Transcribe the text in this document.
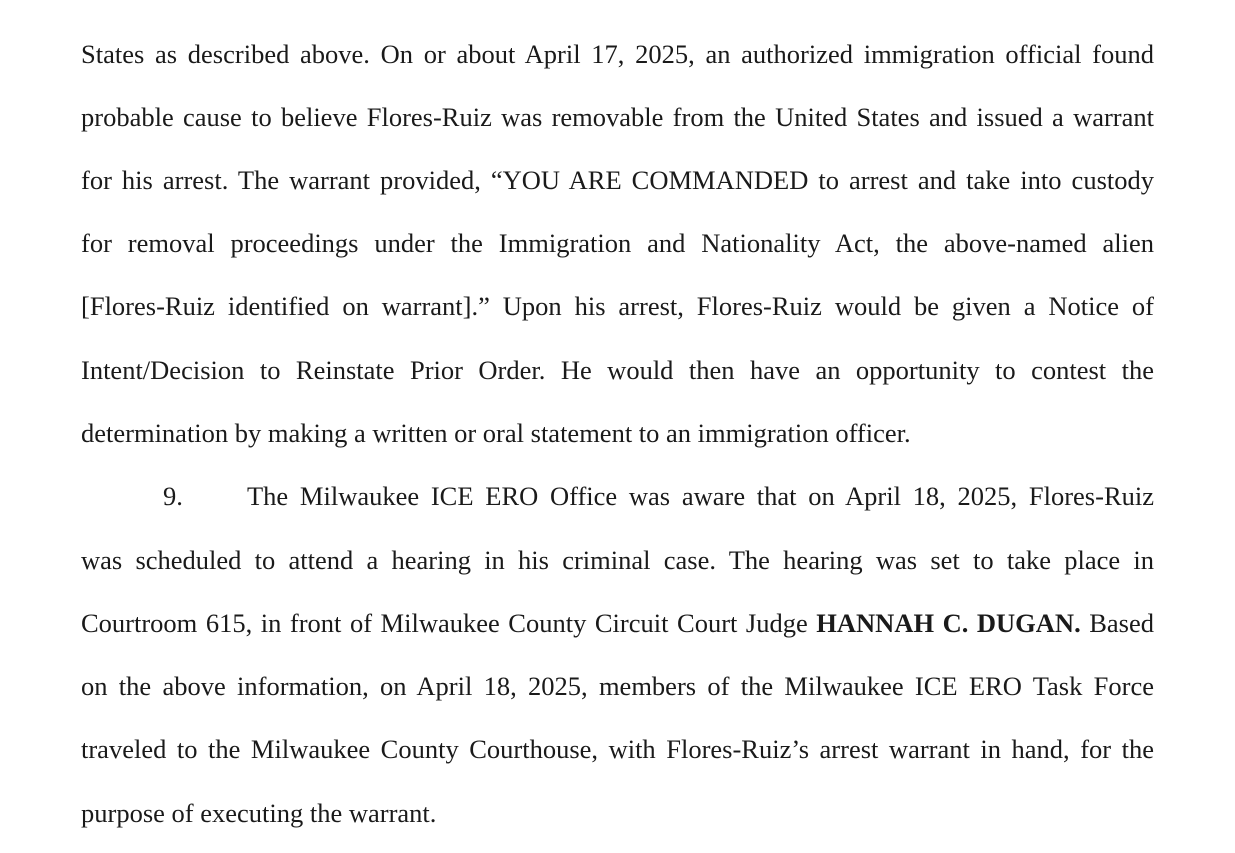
States as described above. On or about April 17, 2025, an authorized immigration official found
probable cause to believe Flores-Ruiz was removable from the United States and issued a warrant
for his arrest. The warrant provided, “YOU ARE COMMANDED to arrest and take into custody
for removal proceedings under the Immigration and Nationality Act, the above-named alien
[Flores-Ruiz identified on warrant].” Upon his arrest, Flores-Ruiz would be given a Notice of
Intent/Decision to Reinstate Prior Order. He would then have an opportunity to contest the
determination by making a written or oral statement to an immigration officer.
9. The Milwaukee ICE ERO Office was aware that on April 18, 2025, Flores-Ruiz
was scheduled to attend a hearing in his criminal case. The hearing was set to take place in
Courtroom 615, in front of Milwaukee County Circuit Court Judge HANNAH C. DUGAN. Based
on the above information, on April 18, 2025, members of the Milwaukee ICE ERO Task Force
traveled to the Milwaukee County Courthouse, with Flores-Ruiz’s arrest warrant in hand, for the
purpose of executing the warrant.
